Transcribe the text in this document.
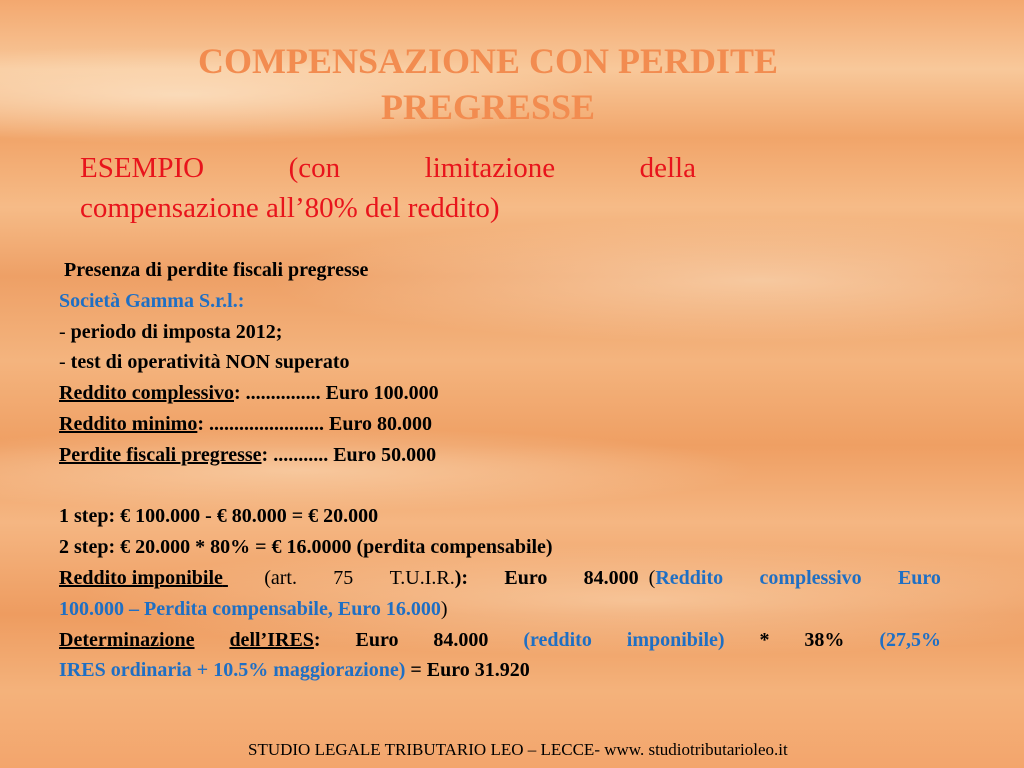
COMPENSAZIONE CON PERDITE PREGRESSE
ESEMPIO	(con	limitazione	della
compensazione all’80% del reddito)
Presenza di perdite fiscali pregresse
Società Gamma S.r.l.:
- periodo di imposta 2012;
- test di operatività NON superato
Reddito complessivo: ............... Euro 100.000
Reddito minimo: ....................... Euro 80.000
Perdite fiscali pregresse: ........... Euro 50.000
1 step: € 100.000 - € 80.000 = € 20.000
2 step: € 20.000 * 80% = € 16.0000 (perdita compensabile)
Reddito imponibile (art. 75 T.U.I.R.): Euro 84.000 (Reddito complessivo Euro
100.000 – Perdita compensabile, Euro 16.000)
Determinazione dell’IRES: Euro 84.000 (reddito imponibile) * 38% (27,5%
IRES ordinaria + 10.5% maggiorazione) = Euro 31.920
STUDIO LEGALE TRIBUTARIO LEO – LECCE- www. studiotributarioleo.it
